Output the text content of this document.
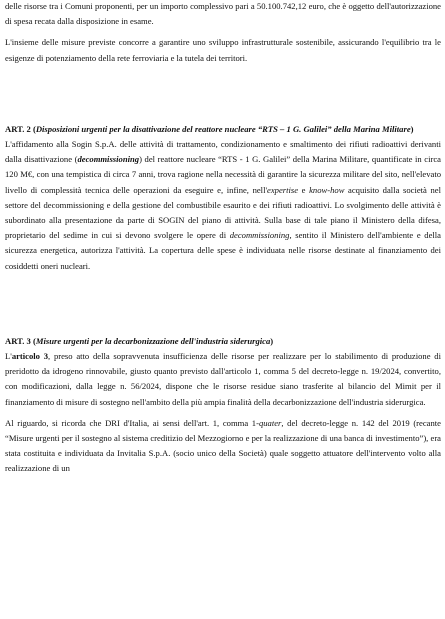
delle risorse tra i Comuni proponenti, per un importo complessivo pari a 50.100.742,12 euro, che è oggetto dell'autorizzazione di spesa recata dalla disposizione in esame.

L'insieme delle misure previste concorre a garantire uno sviluppo infrastrutturale sostenibile, assicurando l'equilibrio tra le esigenze di potenziamento della rete ferroviaria e la tutela dei territori.

ART. 2 (Disposizioni urgenti per la disattivazione del reattore nucleare “RTS – 1 G. Galilei” della Marina Militare)

L'affidamento alla Sogin S.p.A. delle attività di trattamento, condizionamento e smaltimento dei rifiuti radioattivi derivanti dalla disattivazione (decommissioning) del reattore nucleare “RTS - 1 G. Galilei” della Marina Militare, quantificate in circa 120 M€, con una tempistica di circa 7 anni, trova ragione nella necessità di garantire la sicurezza militare del sito, nell'elevato livello di complessità tecnica delle operazioni da eseguire e, infine, nell'expertise e know-how acquisito dalla società nel settore del decommissioning e della gestione del combustibile esaurito e dei rifiuti radioattivi. Lo svolgimento delle attività è subordinato alla presentazione da parte di SOGIN del piano di attività. Sulla base di tale piano il Ministero della difesa, proprietario del sedime in cui si devono svolgere le opere di decommissioning, sentito il Ministero dell'ambiente e della sicurezza energetica, autorizza l'attività. La copertura delle spese è individuata nelle risorse destinate al finanziamento dei cosiddetti oneri nucleari.

ART. 3 (Misure urgenti per la decarbonizzazione dell'industria siderurgica)

L'articolo 3, preso atto della sopravvenuta insufficienza delle risorse per realizzare per lo stabilimento di produzione di preridotto da idrogeno rinnovabile, giusto quanto previsto dall'articolo 1, comma 5 del decreto-legge n. 19/2024, convertito, con modificazioni, dalla legge n. 56/2024, dispone che le risorse residue siano trasferite al bilancio del Mimit per il finanziamento di misure di sostegno nell'ambito della più ampia finalità della decarbonizzazione dell'industria siderurgica.

Al riguardo, si ricorda che DRI d'Italia, ai sensi dell'art. 1, comma 1-quater, del decreto-legge n. 142 del 2019 (recante “Misure urgenti per il sostegno al sistema creditizio del Mezzogiorno e per la realizzazione di una banca di investimento”), era stata costituita e individuata da Invitalia S.p.A. (socio unico della Società) quale soggetto attuatore dell'intervento volto alla realizzazione di un
